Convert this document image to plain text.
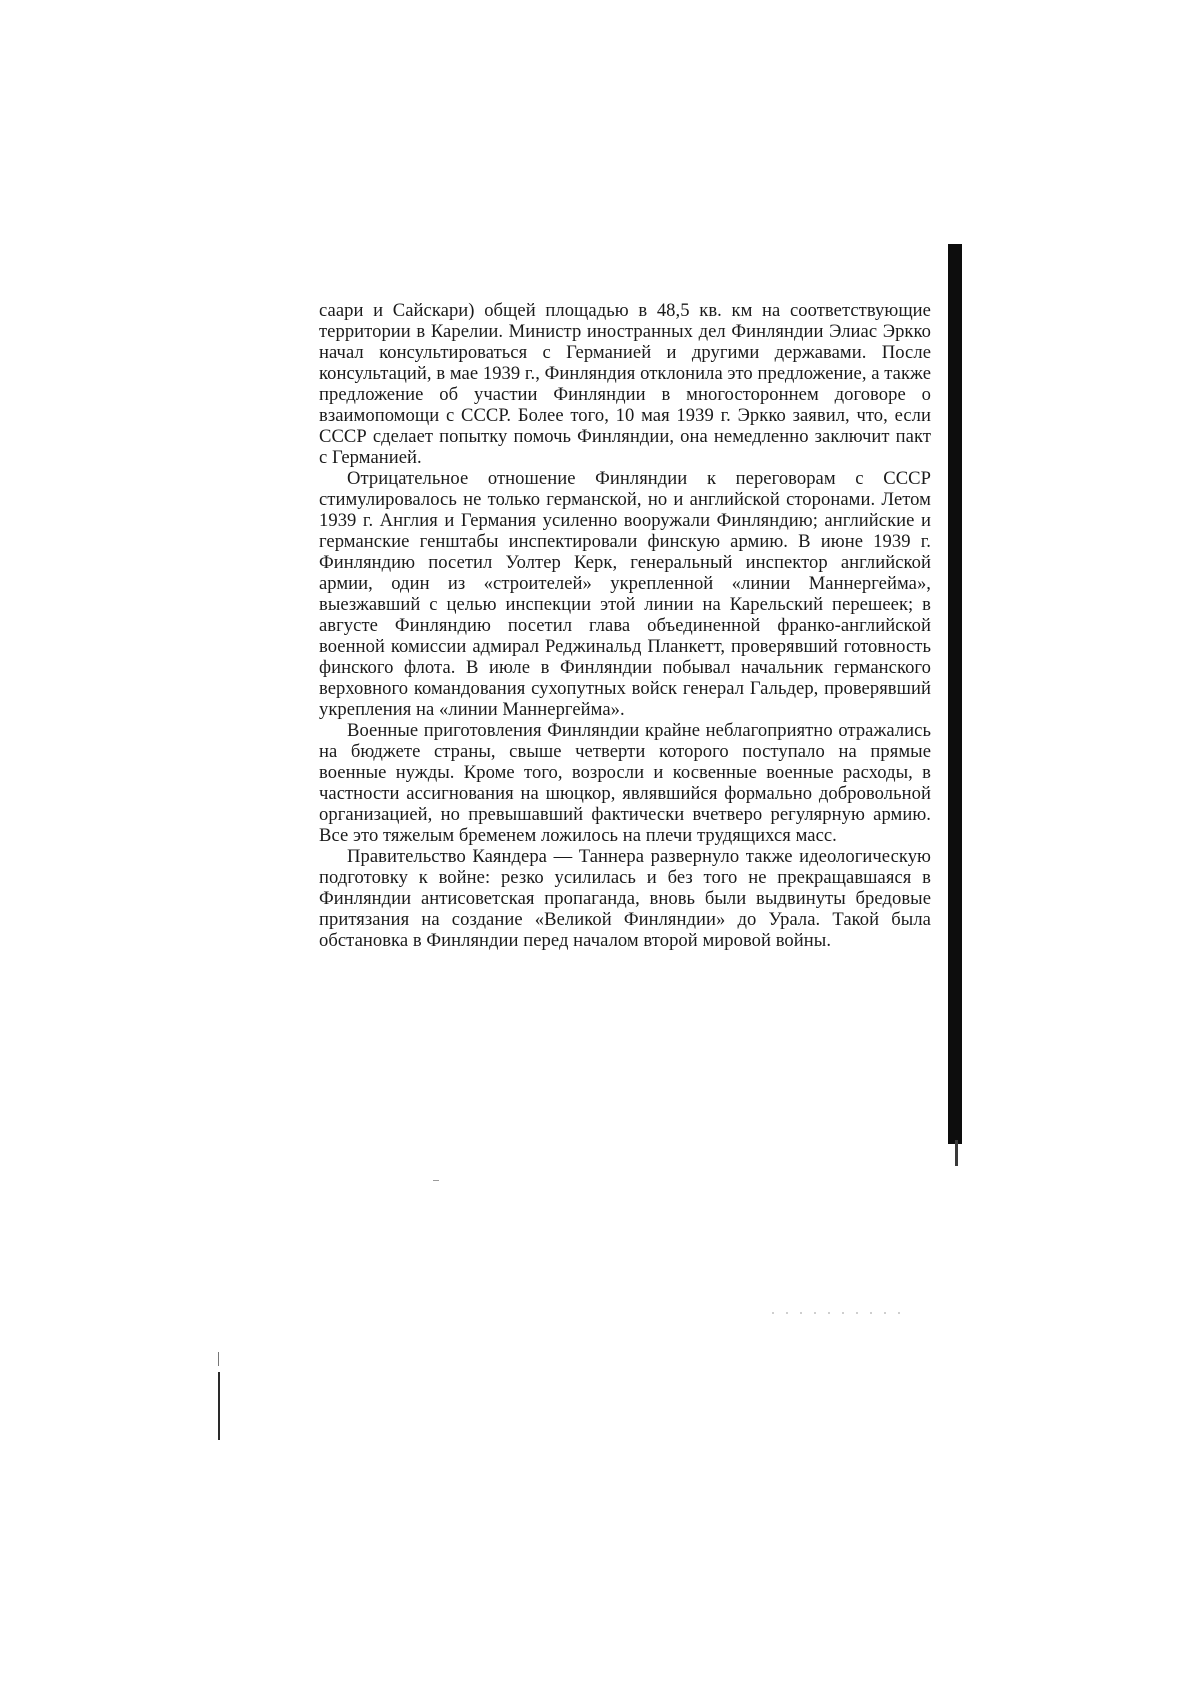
саари и Сайскари) общей площадью в 48,5 кв. км на соответствующие территории в Карелии. Министр иностранных дел Финляндии Элиас Эркко начал консультироваться с Германией и другими державами. После консультаций, в мае 1939 г., Финляндия отклонила это предложение, а также предложение об участии Финляндии в многостороннем договоре о взаимопомощи с СССР. Более того, 10 мая 1939 г. Эркко заявил, что, если СССР сделает попытку помочь Финляндии, она немедленно заключит пакт с Германией.

Отрицательное отношение Финляндии к переговорам с СССР стимулировалось не только германской, но и английской сторонами. Летом 1939 г. Англия и Германия усиленно вооружали Финляндию; английские и германские генштабы инспектировали финскую армию. В июне 1939 г. Финляндию посетил Уолтер Керк, генеральный инспектор английской армии, один из «строителей» укрепленной «линии Маннергейма», выезжавший с целью инспекции этой линии на Карельский перешеек; в августе Финляндию посетил глава объединенной франко-английской военной комиссии адмирал Реджинальд Планкетт, проверявший готовность финского флота. В июле в Финляндии побывал начальник германского верховного командования сухопутных войск генерал Гальдер, проверявший укрепления на «линии Маннергейма».

Военные приготовления Финляндии крайне неблагоприятно отражались на бюджете страны, свыше четверти которого поступало на прямые военные нужды. Кроме того, возросли и косвенные военные расходы, в частности ассигнования на шюцкор, являвшийся формально добровольной организацией, но превышавший фактически вчетверо регулярную армию. Все это тяжелым бременем ложилось на плечи трудящихся масс.

Правительство Каяндера — Таннера развернуло также идеологическую подготовку к войне: резко усилилась и без того не прекращавшаяся в Финляндии антисоветская пропаганда, вновь были выдвинуты бредовые притязания на создание «Великой Финляндии» до Урала. Такой была обстановка в Финляндии перед началом второй мировой войны.
